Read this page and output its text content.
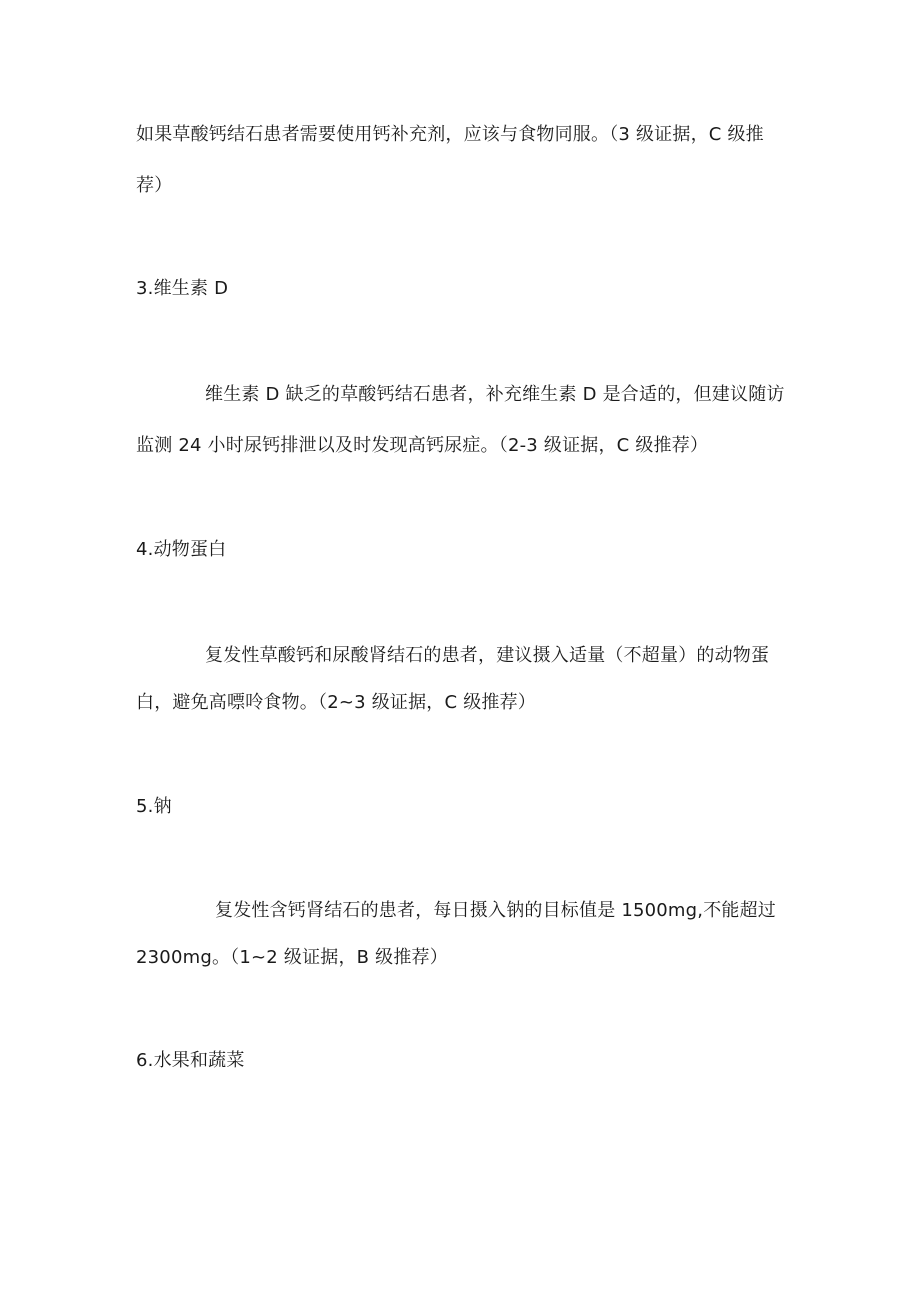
如果草酸钙结石患者需要使用钙补充剂，应该与食物同服。（3 级证据，C 级推
荐）
3.维生素 D
维生素 D 缺乏的草酸钙结石患者，补充维生素 D 是合适的，但建议随访
监测 24 小时尿钙排泄以及时发现高钙尿症。（2-3 级证据，C 级推荐）
4.动物蛋白
复发性草酸钙和尿酸肾结石的患者，建议摄入适量（不超量）的动物蛋
白，避免高嘌呤食物。（2~3 级证据，C 级推荐）
5.钠
复发性含钙肾结石的患者，每日摄入钠的目标值是 1500mg,不能超过
2300mg。（1~2 级证据，B 级推荐）
6.水果和蔬菜
